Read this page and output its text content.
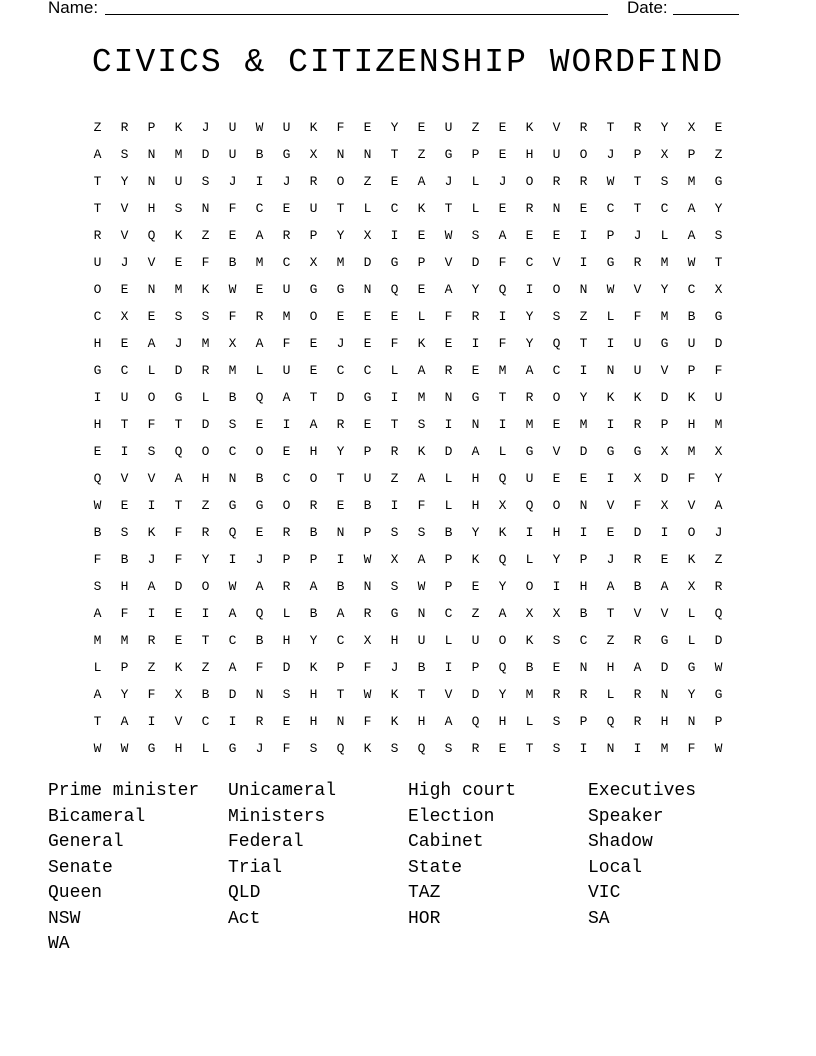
Name:	Date:
CIVICS & CITIZENSHIP WORDFIND
Z	R	P	K	J	U	W	U	K	F	E	Y	E	U	Z	E	K	V	R	T	R	Y	X	E
A	S	N	M	D	U	B	G	X	N	N	T	Z	G	P	E	H	U	O	J	P	X	P	Z
T	Y	N	U	S	J	I	J	R	O	Z	E	A	J	L	J	O	R	R	W	T	S	M	G
T	V	H	S	N	F	C	E	U	T	L	C	K	T	L	E	R	N	E	C	T	C	A	Y
R	V	Q	K	Z	E	A	R	P	Y	X	I	E	W	S	A	E	E	I	P	J	L	A	S
U	J	V	E	F	B	M	C	X	M	D	G	P	V	D	F	C	V	I	G	R	M	W	T
O	E	N	M	K	W	E	U	G	G	N	Q	E	A	Y	Q	I	O	N	W	V	Y	C	X
C	X	E	S	S	F	R	M	O	E	E	E	L	F	R	I	Y	S	Z	L	F	M	B	G
H	E	A	J	M	X	A	F	E	J	E	F	K	E	I	F	Y	Q	T	I	U	G	U	D
G	C	L	D	R	M	L	U	E	C	C	L	A	R	E	M	A	C	I	N	U	V	P	F
I	U	O	G	L	B	Q	A	T	D	G	I	M	N	G	T	R	O	Y	K	K	D	K	U
H	T	F	T	D	S	E	I	A	R	E	T	S	I	N	I	M	E	M	I	R	P	H	M
E	I	S	Q	O	C	O	E	H	Y	P	R	K	D	A	L	G	V	D	G	G	X	M	X
Q	V	V	A	H	N	B	C	O	T	U	Z	A	L	H	Q	U	E	E	I	X	D	F	Y
W	E	I	T	Z	G	G	O	R	E	B	I	F	L	H	X	Q	O	N	V	F	X	V	A
B	S	K	F	R	Q	E	R	B	N	P	S	S	B	Y	K	I	H	I	E	D	I	O	J
F	B	J	F	Y	I	J	P	P	I	W	X	A	P	K	Q	L	Y	P	J	R	E	K	Z
S	H	A	D	O	W	A	R	A	B	N	S	W	P	E	Y	O	I	H	A	B	A	X	R
A	F	I	E	I	A	Q	L	B	A	R	G	N	C	Z	A	X	X	B	T	V	V	L	Q
M	M	R	E	T	C	B	H	Y	C	X	H	U	L	U	O	K	S	C	Z	R	G	L	D
L	P	Z	K	Z	A	F	D	K	P	F	J	B	I	P	Q	B	E	N	H	A	D	G	W
A	Y	F	X	B	D	N	S	H	T	W	K	T	V	D	Y	M	R	R	L	R	N	Y	G
T	A	I	V	C	I	R	E	H	N	F	K	H	A	Q	H	L	S	P	Q	R	H	N	P
W	W	G	H	L	G	J	F	S	Q	K	S	Q	S	R	E	T	S	I	N	I	M	F	W
Prime minister	Unicameral	High court	Executives
Bicameral	Ministers	Election	Speaker
General	Federal	Cabinet	Shadow
Senate	Trial	State	Local
Queen	QLD	TAZ	VIC
NSW	Act	HOR	SA
WA
